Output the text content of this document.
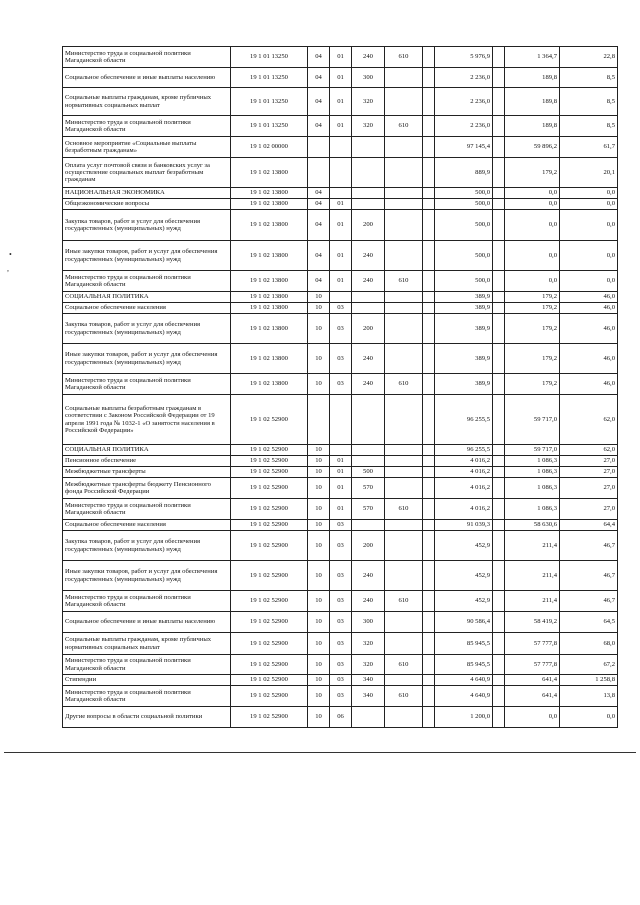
Министерство труда и социальной политики Магаданской области	19 1 01 13250	04	01	240	610		5 976,9		1 364,7	22,8
Социальное обеспечение и иные выплаты населению	19 1 01 13250	04	01	300			2 236,0		189,8	8,5
Социальные выплаты гражданам, кроме публичных нормативных социальных выплат	19 1 01 13250	04	01	320			2 236,0		189,8	8,5
Министерство труда и социальной политики Магаданской области	19 1 01 13250	04	01	320	610		2 236,0		189,8	8,5
Основное мероприятие «Социальные выплаты безработным гражданам»	19 1 02 00000						97 145,4		59 896,2	61,7
Оплата услуг почтовой связи и банковских услуг за осуществление социальных выплат безработным гражданам	19 1 02 13800						889,9		179,2	20,1
НАЦИОНАЛЬНАЯ ЭКОНОМИКА	19 1 02 13800	04					500,0		0,0	0,0
Общеэкономические вопросы	19 1 02 13800	04	01				500,0		0,0	0,0
Закупка товаров, работ и услуг для обеспечения государственных (муниципальных) нужд	19 1 02 13800	04	01	200			500,0		0,0	0,0
Иные закупки товаров, работ и услуг для обеспечения государственных (муниципальных) нужд	19 1 02 13800	04	01	240			500,0		0,0	0,0
Министерство труда и социальной политики Магаданской области	19 1 02 13800	04	01	240	610		500,0		0,0	0,0
СОЦИАЛЬНАЯ ПОЛИТИКА	19 1 02 13800	10					389,9		179,2	46,0
Социальное обеспечение населения	19 1 02 13800	10	03				389,9		179,2	46,0
Закупка товаров, работ и услуг для обеспечения государственных (муниципальных) нужд	19 1 02 13800	10	03	200			389,9		179,2	46,0
Иные закупки товаров, работ и услуг для обеспечения государственных (муниципальных) нужд	19 1 02 13800	10	03	240			389,9		179,2	46,0
Министерство труда и социальной политики Магаданской области	19 1 02 13800	10	03	240	610		389,9		179,2	46,0
Социальные выплаты безработным гражданам в соответствии с Законом Российской Федерации от 19 апреля 1991 года № 1032-1 «О занятости населения в Российской Федерации»	19 1 02 52900						96 255,5		59 717,0	62,0
СОЦИАЛЬНАЯ ПОЛИТИКА	19 1 02 52900	10					96 255,5		59 717,0	62,0
Пенсионное обеспечение	19 1 02 52900	10	01				4 016,2		1 086,3	27,0
Межбюджетные трансферты	19 1 02 52900	10	01	500			4 016,2		1 086,3	27,0
Межбюджетные трансферты бюджету Пенсионного фонда Российской Федерации	19 1 02 52900	10	01	570			4 016,2		1 086,3	27,0
Министерство труда и социальной политики Магаданской области	19 1 02 52900	10	01	570	610		4 016,2		1 086,3	27,0
Социальное обеспечение населения	19 1 02 52900	10	03				91 039,3		58 630,6	64,4
Закупка товаров, работ и услуг для обеспечения государственных (муниципальных) нужд	19 1 02 52900	10	03	200			452,9		211,4	46,7
Иные закупки товаров, работ и услуг для обеспечения государственных (муниципальных) нужд	19 1 02 52900	10	03	240			452,9		211,4	46,7
Министерство труда и социальной политики Магаданской области	19 1 02 52900	10	03	240	610		452,9		211,4	46,7
Социальное обеспечение и иные выплаты населению	19 1 02 52900	10	03	300			90 586,4		58 419,2	64,5
Социальные выплаты гражданам, кроме публичных нормативных социальных выплат	19 1 02 52900	10	03	320			85 945,5		57 777,8	68,0
Министерство труда и социальной политики Магаданской области	19 1 02 52900	10	03	320	610		85 945,5		57 777,8	67,2
Стипендии	19 1 02 52900	10	03	340			4 640,9		641,4	1 258,8
Министерство труда и социальной политики Магаданской области	19 1 02 52900	10	03	340	610		4 640,9		641,4	13,8
Другие вопросы в области социальной политики	19 1 02 52900	10	06				1 200,0		0,0	0,0
•
,
